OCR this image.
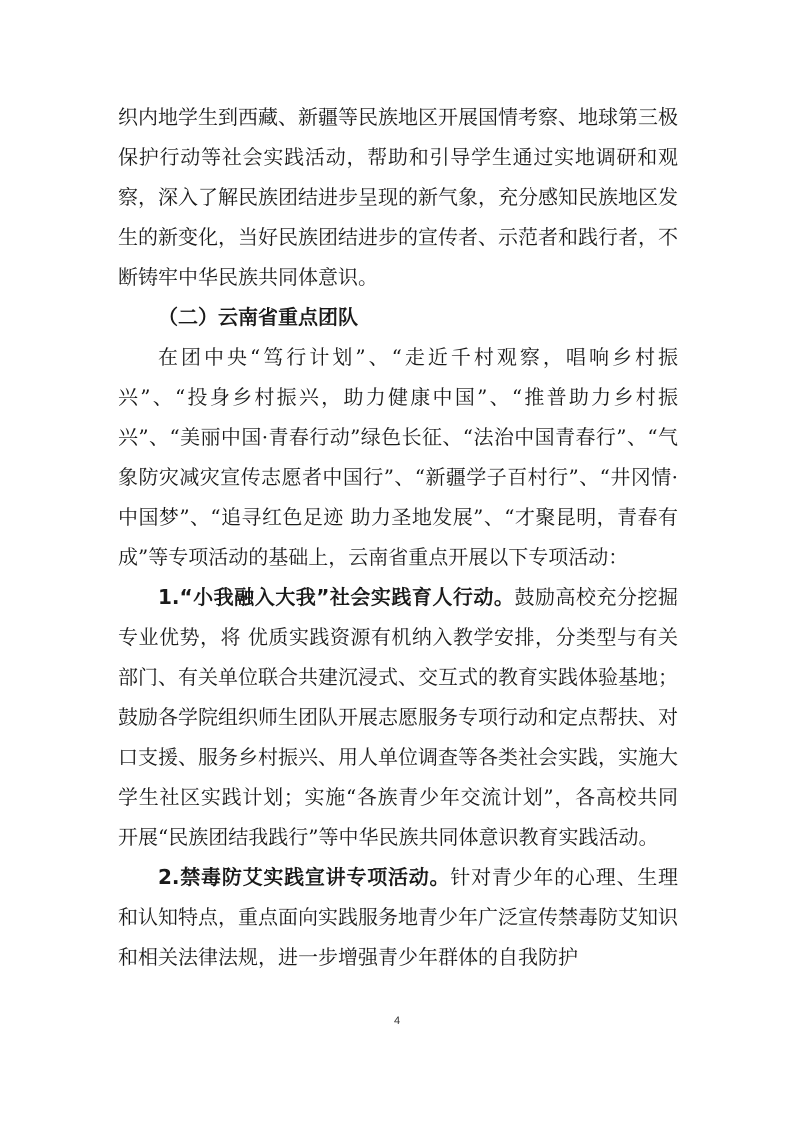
织内地学生到西藏、新疆等民族地区开展国情考察、地球第三极保护行动等社会实践活动，帮助和引导学生通过实地调研和观察，深入了解民族团结进步呈现的新气象，充分感知民族地区发生的新变化，当好民族团结进步的宣传者、示范者和践行者，不断铸牢中华民族共同体意识。

（二）云南省重点团队

在团中央“笃行计划”、“走近千村观察，唱响乡村振兴”、“投身乡村振兴，助力健康中国”、“推普助力乡村振兴”、“美丽中国·青春行动”绿色长征、“法治中国青春行”、“气象防灾减灾宣传志愿者中国行”、“新疆学子百村行”、“井冈情·中国梦”、“追寻红色足迹 助力圣地发展”、“才聚昆明，青春有成”等专项活动的基础上，云南省重点开展以下专项活动：

1.“小我融入大我”社会实践育人行动。鼓励高校充分挖掘专业优势，将 优质实践资源有机纳入教学安排，分类型与有关部门、有关单位联合共建沉浸式、交互式的教育实践体验基地；鼓励各学院组织师生团队开展志愿服务专项行动和定点帮扶、对口支援、服务乡村振兴、用人单位调查等各类社会实践，实施大学生社区实践计划；实施“各族青少年交流计划”，各高校共同开展“民族团结我践行”等中华民族共同体意识教育实践活动。

2.禁毒防艾实践宣讲专项活动。针对青少年的心理、生理和认知特点，重点面向实践服务地青少年广泛宣传禁毒防艾知识和相关法律法规，进一步增强青少年群体的自我防护

4
